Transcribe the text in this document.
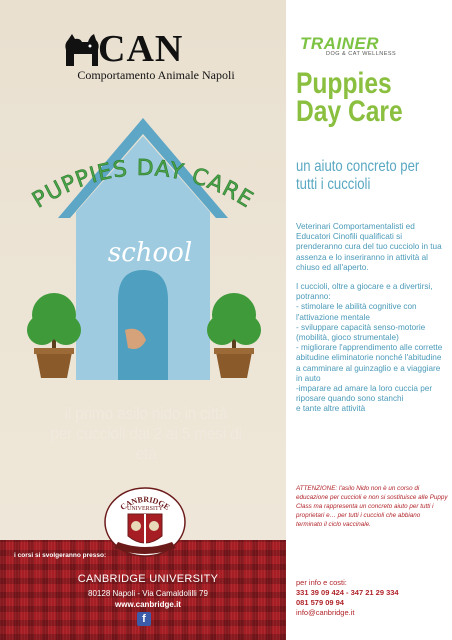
CAN
Comportamento Animale Napoli
PUPPIES DAY CARE
school
il primo asilo nido in città
per cuccioli dai 2 ai 5 mesi di età
CANBRIDGE
UNIVERSITY
i corsi si svolgeranno presso:
CANBRIDGE UNIVERSITY
80128 Napoli - Via Camaldolilli 79
www.canbridge.it
f
TRAINER
DOG & CAT WELLNESS
Puppies
Day Care
un aiuto concreto per
tutti i cuccioli

Veterinari Comportamentalisti ed Educatori Cinofili qualificati si prenderanno cura del tuo cucciolo in tua assenza e lo inseriranno in attività al chiuso ed all'aperto.

I cuccioli, oltre a giocare e a divertirsi, potranno:
- stimolare le abilità cognitive con l'attivazione mentale
- sviluppare capacità senso-motorie (mobilità, gioco strumentale)
- migliorare l'apprendimento alle corrette abitudine eliminatorie nonché l'abitudine a camminare al guinzaglio e a viaggiare in auto
-imparare ad amare la loro cuccia per riposare quando sono stanchi
e tante altre attività
ATTENZIONE: l'asilo Nido non è un corso di educazione per cuccioli e non si sostituisce alle Puppy Class ma rappresenta un concreto aiuto per tutti i proprietari e… per tutti i cuccioli che abbiano terminato il ciclo vaccinale.
per info e costi:
331 39 09 424 - 347 21 29 334
081 579 09 94
info@canbridge.it
